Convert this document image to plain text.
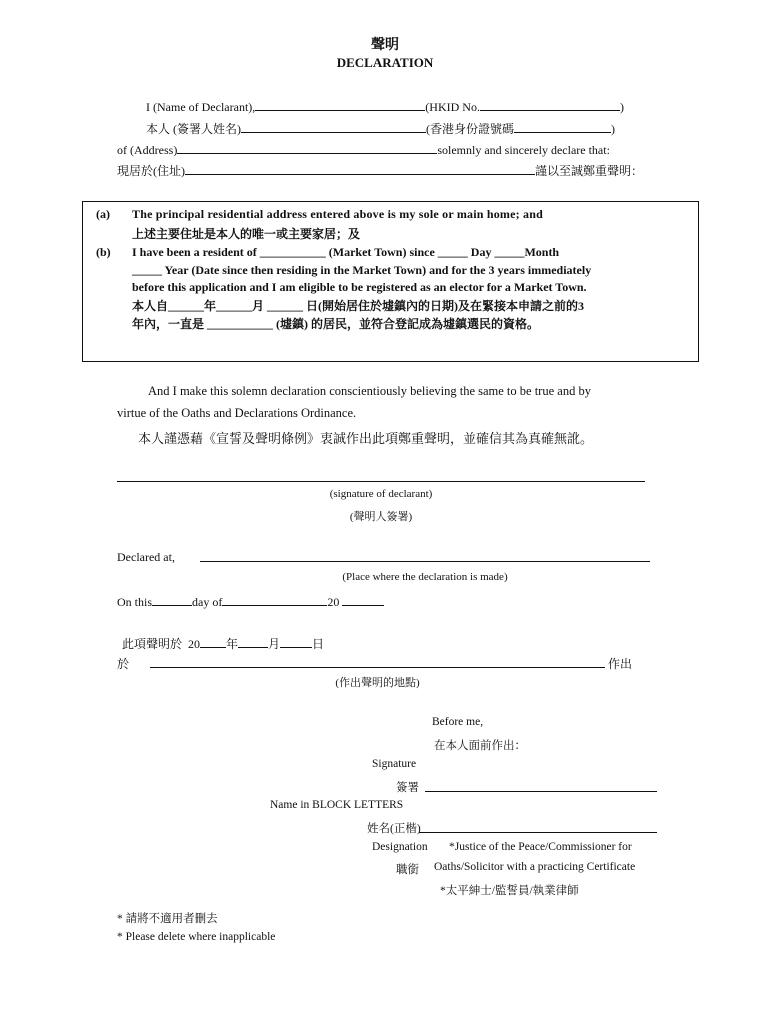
聲明
DECLARATION
I (Name of Declarant),	(HKID No.	)
本人 (簽署人姓名)	(香港身份證號碼	)
of (Address)	solemnly and sincerely declare that:
現居於(住址)	謹以至誠鄭重聲明：
(a) The principal residential address entered above is my sole or main home; and
上述主要住址是本人的唯一或主要家居；及
(b) I have been a resident of ___________ (Market Town) since _____ Day _____Month
_____ Year (Date since then residing in the Market Town) and for the 3 years immediately
before this application and I am eligible to be registered as an elector for a Market Town.
本人自______年______月 ______ 日(開始居住於墟鎮內的日期)及在緊接本申請之前的3
年內，一直是 ___________ (墟鎮) 的居民，並符合登記成為墟鎮選民的資格。
And I make this solemn declaration conscientiously believing the same to be true and by
virtue of the Oaths and Declarations Ordinance.
本人謹憑藉《宣誓及聲明條例》衷誠作出此項鄭重聲明，並確信其為真確無訛。
(signature of declarant)
(聲明人簽署)
Declared at,
(Place where the declaration is made)
On this	day of	20
此項聲明於 20 年	月	日
於	作出
(作出聲明的地點)
Before me,
在本人面前作出：
Signature
簽署
Name in BLOCK LETTERS
姓名(正楷)
Designation *Justice of the Peace/Commissioner for
職銜 Oaths/Solicitor with a practicing Certificate
*太平紳士/監誓員/執業律師
* 請將不適用者刪去
* Please delete where inapplicable
